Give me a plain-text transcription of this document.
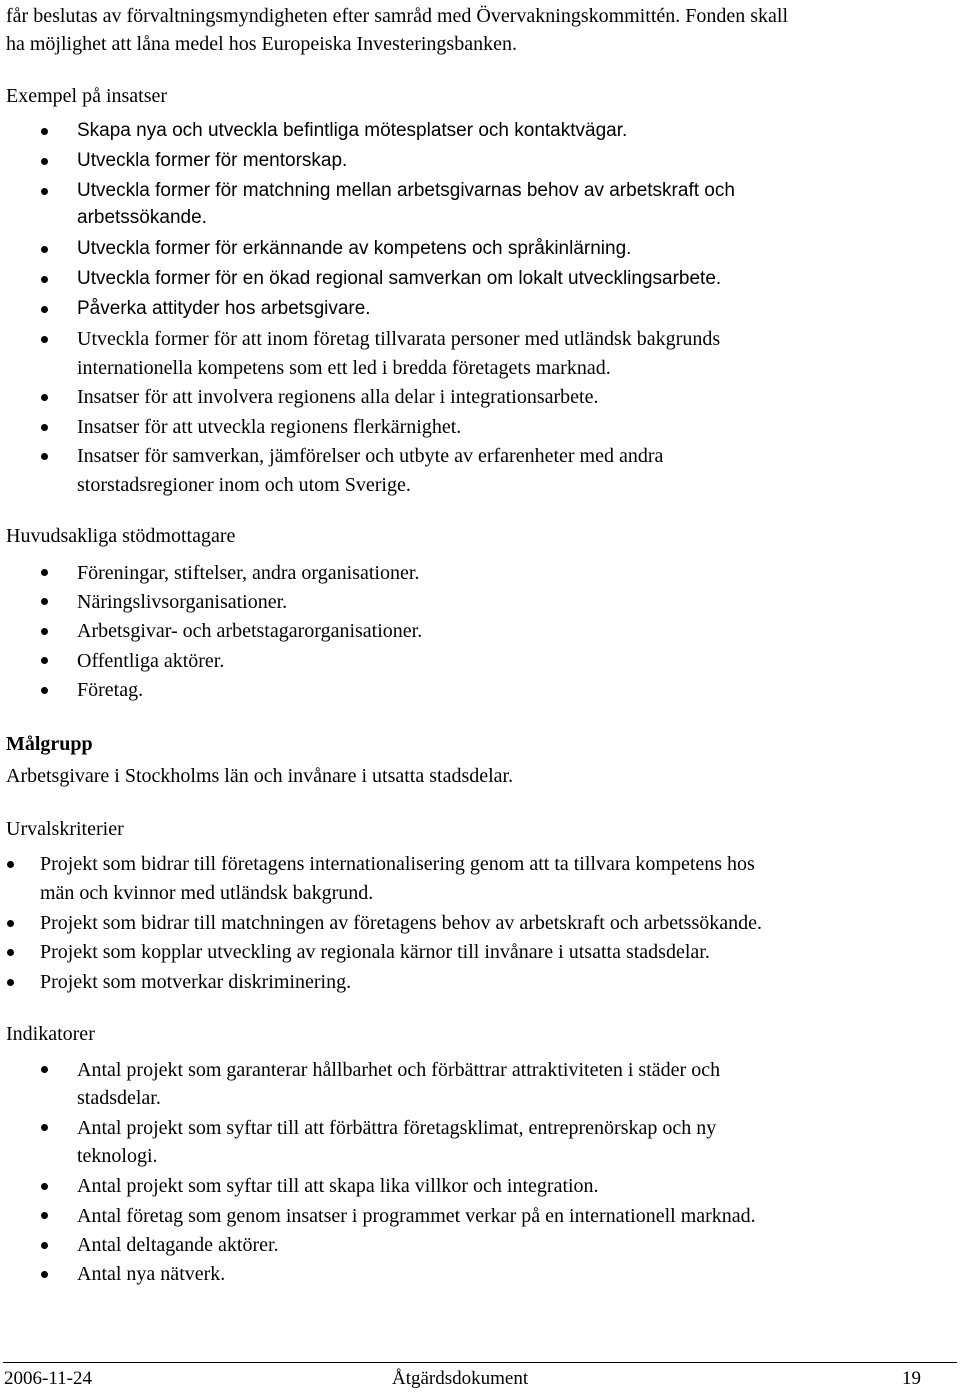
får beslutas av förvaltningsmyndigheten efter samråd med Övervakningskommittén. Fonden skall
ha möjlighet att låna medel hos Europeiska Investeringsbanken.
Exempel på insatser
Skapa nya och utveckla befintliga mötesplatser och kontaktvägar.
Utveckla former för mentorskap.
Utveckla former för matchning mellan arbetsgivarnas behov av arbetskraft och
arbetssökande.
Utveckla former för erkännande av kompetens och språkinlärning.
Utveckla former för en ökad regional samverkan om lokalt utvecklingsarbete.
Påverka attityder hos arbetsgivare.
Utveckla former för att inom företag tillvarata personer med utländsk bakgrunds
internationella kompetens som ett led i bredda företagets marknad.
Insatser för att involvera regionens alla delar i integrationsarbete.
Insatser för att utveckla regionens flerkärnighet.
Insatser för samverkan, jämförelser och utbyte av erfarenheter med andra
storstadsregioner inom och utom Sverige.
Huvudsakliga stödmottagare
Föreningar, stiftelser, andra organisationer.
Näringslivsorganisationer.
Arbetsgivar- och arbetstagarorganisationer.
Offentliga aktörer.
Företag.
Målgrupp
Arbetsgivare i Stockholms län och invånare i utsatta stadsdelar.
Urvalskriterier
Projekt som bidrar till företagens internationalisering genom att ta tillvara kompetens hos
män och kvinnor med utländsk bakgrund.
Projekt som bidrar till matchningen av företagens behov av arbetskraft och arbetssökande.
Projekt som kopplar utveckling av regionala kärnor till invånare i utsatta stadsdelar.
Projekt som motverkar diskriminering.
Indikatorer
Antal projekt som garanterar hållbarhet och förbättrar attraktiviteten i städer och
stadsdelar.
Antal projekt som syftar till att förbättra företagsklimat, entreprenörskap och ny
teknologi.
Antal projekt som syftar till att skapa lika villkor och integration.
Antal företag som genom insatser i programmet verkar på en internationell marknad.
Antal deltagande aktörer.
Antal nya nätverk.
2006-11-24	Åtgärdsdokument	19
